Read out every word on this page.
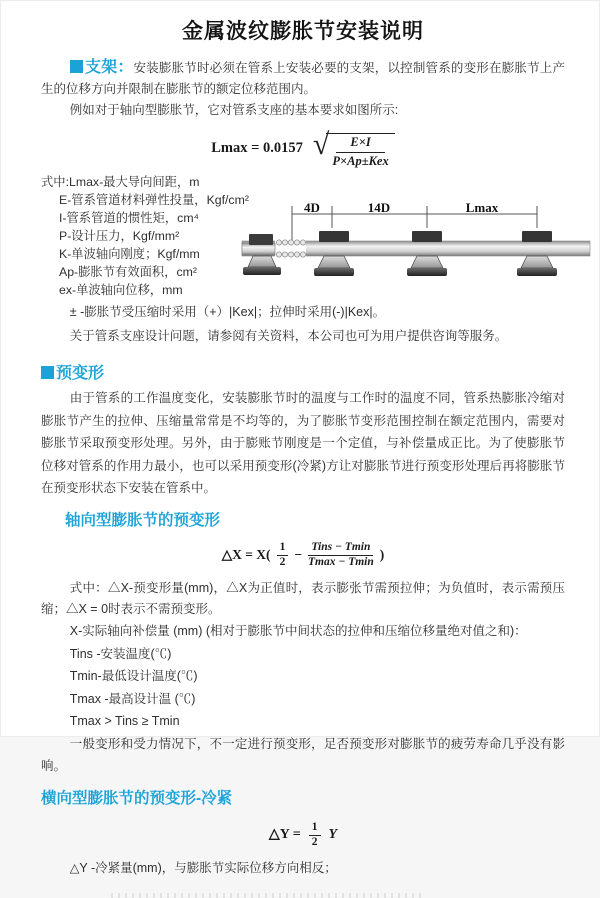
金属波纹膨胀节安装说明

支架：安装膨胀节时必须在管系上安装必要的支架，以控制管系的变形在膨胀节上产生的位移方向并限制在膨胀节的额定位移范围内。

例如对于轴向型膨胀节，它对管系支座的基本要求如图所示:

Lmax = 0.0157 √	E×I
P×Ap±Kex
式中:Lmax-最大导向间距，m
E-管系管道材料弹性投量，Kgf/cm²
I-管系管道的惯性矩，cm⁴
P-设计压力，Kgf/mm²
K-单波轴向刚度；Kgf/mm
Ap-膨胀节有效面积，cm²
ex-单波轴向位移，mm
4D	14D	Lmax

± -膨胀节受压缩时采用（+）|Kex|；拉伸时采用(-)|Kex|。

关于管系支座设计问题，请参阅有关资料，本公司也可为用户提供咨询等服务。

预变形

由于管系的工作温度变化，安装膨胀节时的温度与工作时的温度不同，管系热膨胀冷缩对膨胀节产生的拉伸、压缩量常常是不均等的，为了膨胀节变形范围控制在额定范围内，需要对膨胀节采取预变形处理。另外，由于膨账节刚度是一个定值，与补偿量成正比。为了使膨胀节位移对管系的作用力最小，也可以采用预变形(冷紧)方让对膨胀节进行预变形处理后再将膨胀节在预变形状态下安装在管系中。

轴向型膨胀节的预变形
△X = $X( \frac{1}{2} - \frac{\text{Tins − Tmin}}{Tmax - Tmin}$ )

式中：△X-预变形量(mm)，△X为正值时，表示膨张节需预拉伸；为负值时，表示需预压缩；△X = 0时表示不需预变形。

X-实际轴向补偿量 (mm) (相对于膨胀节中间状态的拉伸和压缩位移量绝对值之和)：

Tins -安装温度(℃)

Tmin-最低设计温度(℃)

Tmax -最高设计温 (℃)

Tmax > Tins ≥ Tmin

一般变形和受力情况下，不一定进行预变形，足否预变形对膨胀节的疲劳寿命几乎没有影响。

横向型膨胀节的预变形-冷紧
△Y = $\frac{1}{2}$ Y

△Y -冷紧量(mm)，与膨胀节实际位移方向相反；
